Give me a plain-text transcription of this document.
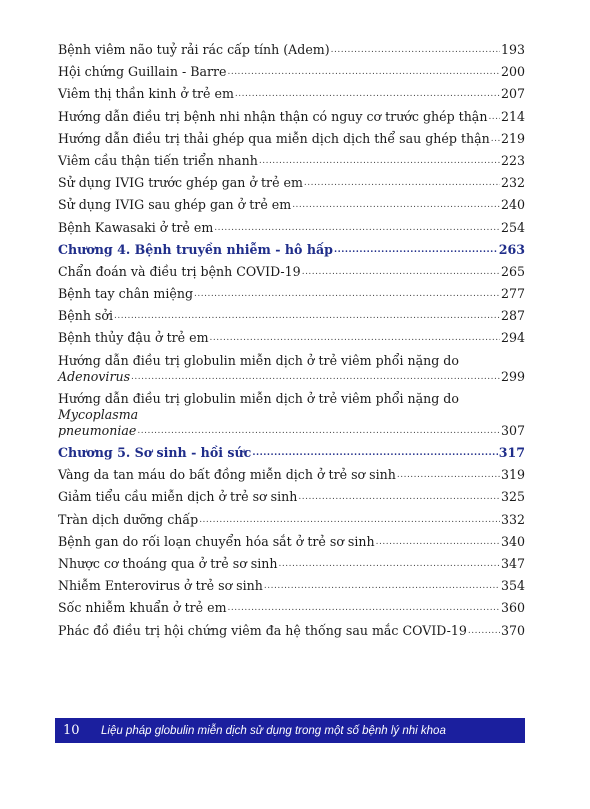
Bệnh viêm não tuỷ rải rác cấp tính (Adem) .....	193
Hội chứng Guillain - Barre .....	200
Viêm thị thần kinh ở trẻ em .....	207
Hướng dẫn điều trị bệnh nhi nhận thận có nguy cơ trước ghép thận ..... 214
Hướng dẫn điều trị thải ghép qua miễn dịch dịch thể sau ghép thận ..... 219
Viêm cầu thận tiến triển nhanh .....	223
Sử dụng IVIG trước ghép gan ở trẻ em .....	232
Sử dụng IVIG sau ghép gan ở trẻ em .....	240
Bệnh Kawasaki ở trẻ em .....	254
Chương 4. Bệnh truyền nhiễm - hô hấp .....	263
Chẩn đoán và điều trị bệnh COVID-19 .....	265
Bệnh tay chân miệng .....	277
Bệnh sởi .....	287
Bệnh thủy đậu ở trẻ em .....	294
Hướng dẫn điều trị globulin miễn dịch ở trẻ viêm phổi nặng do
Adenovirus .....	299
Hướng dẫn điều trị globulin miễn dịch ở trẻ viêm phổi nặng do Mycoplasma
pneumoniae .....	307
Chương 5. Sơ sinh - hồi sức .....	317
Vàng da tan máu do bất đồng miễn dịch ở trẻ sơ sinh .....	319
Giảm tiểu cầu miễn dịch ở trẻ sơ sinh .....	325
Tràn dịch dưỡng chấp .....	332
Bệnh gan do rối loạn chuyển hóa sắt ở trẻ sơ sinh .....	340
Nhược cơ thoáng qua ở trẻ sơ sinh .....	347
Nhiễm Enterovirus ở trẻ sơ sinh .....	354
Sốc nhiễm khuẩn ở trẻ em .....	360
Phác đồ điều trị hội chứng viêm đa hệ thống sau mắc COVID-19 .....	370
10	Liệu pháp globulin miễn dịch sử dụng trong một số bệnh lý nhi khoa
